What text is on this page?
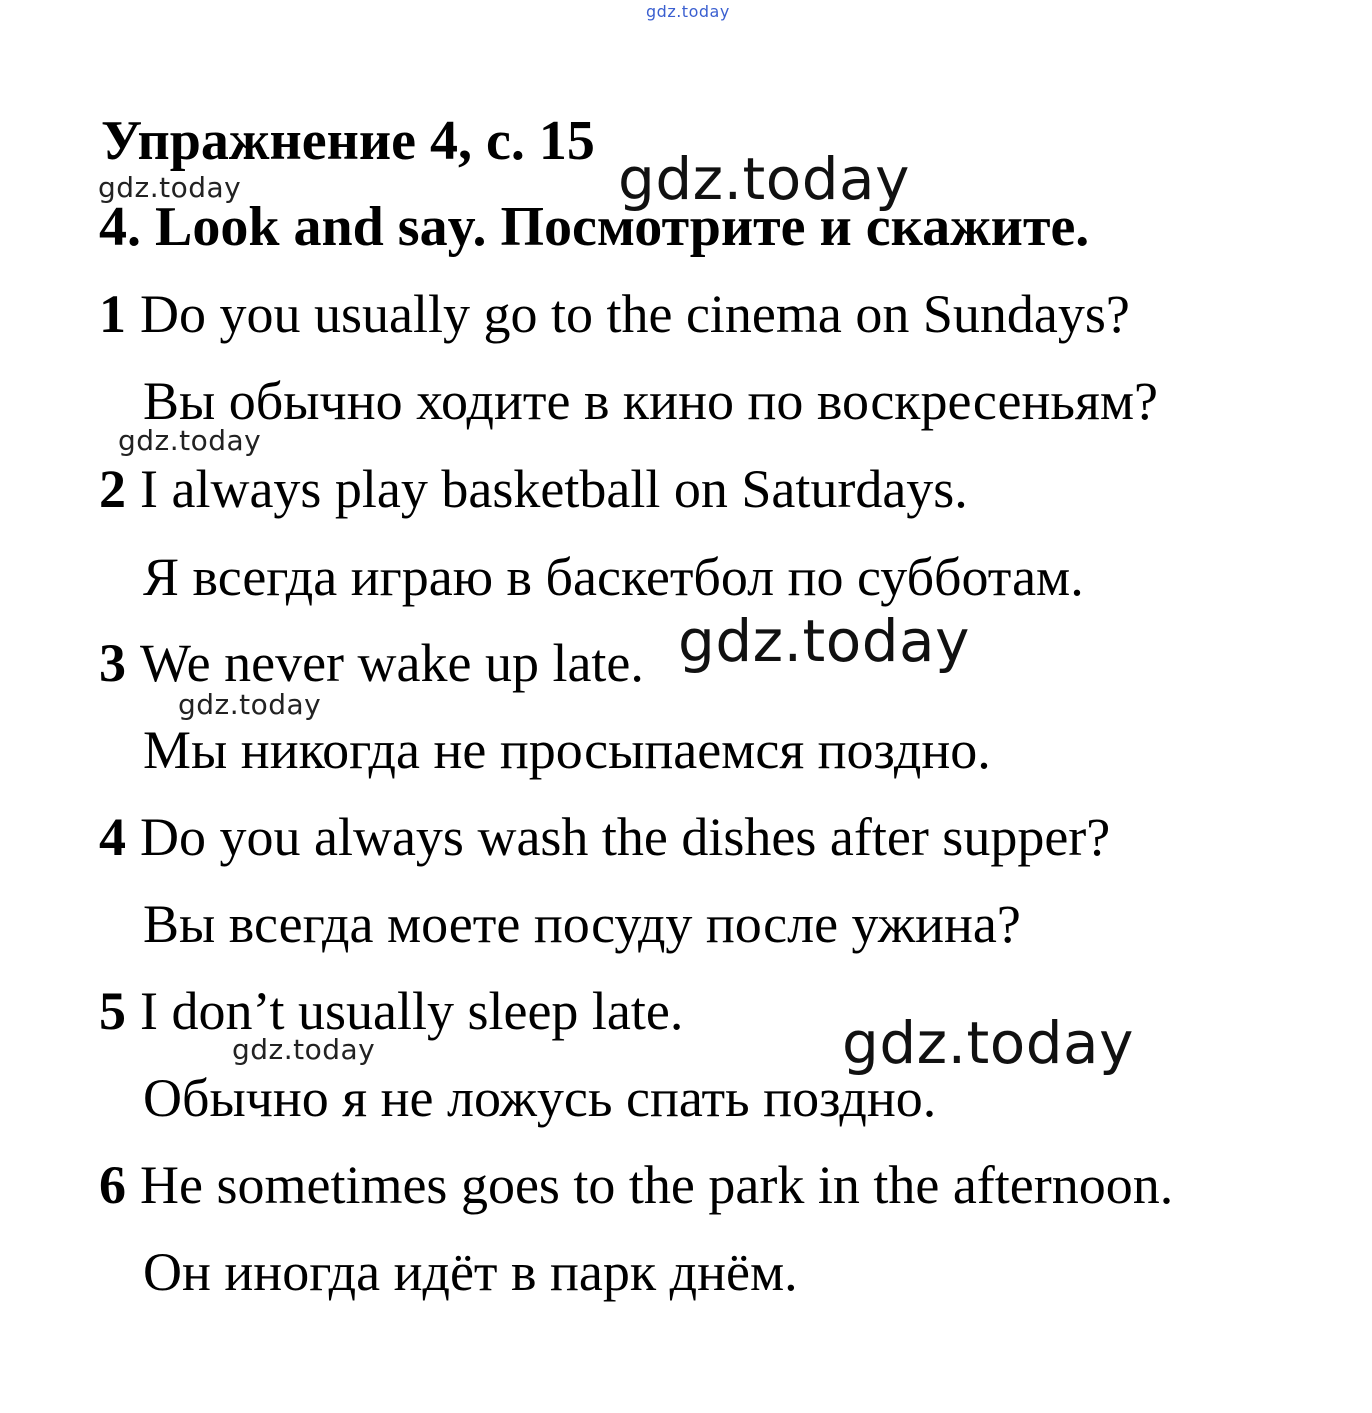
gdz.today
gdz.today	gdz.today
gdz.today
gdz.today
gdz.today
gdz.today	gdz.today
Упражнение 4, с. 15
4. Look and say. Посмотрите и скажите.
1 Do you usually go to the cinema on Sundays?
Вы обычно ходите в кино по воскресеньям?
2 I always play basketball on Saturdays.
Я всегда играю в баскетбол по субботам.
3 We never wake up late.
Мы никогда не просыпаемся поздно.
4 Do you always wash the dishes after supper?
Вы всегда моете посуду после ужина?
5 I don’t usually sleep late.
Обычно я не ложусь спать поздно.
6 He sometimes goes to the park in the afternoon.
Он иногда идёт в парк днём.
